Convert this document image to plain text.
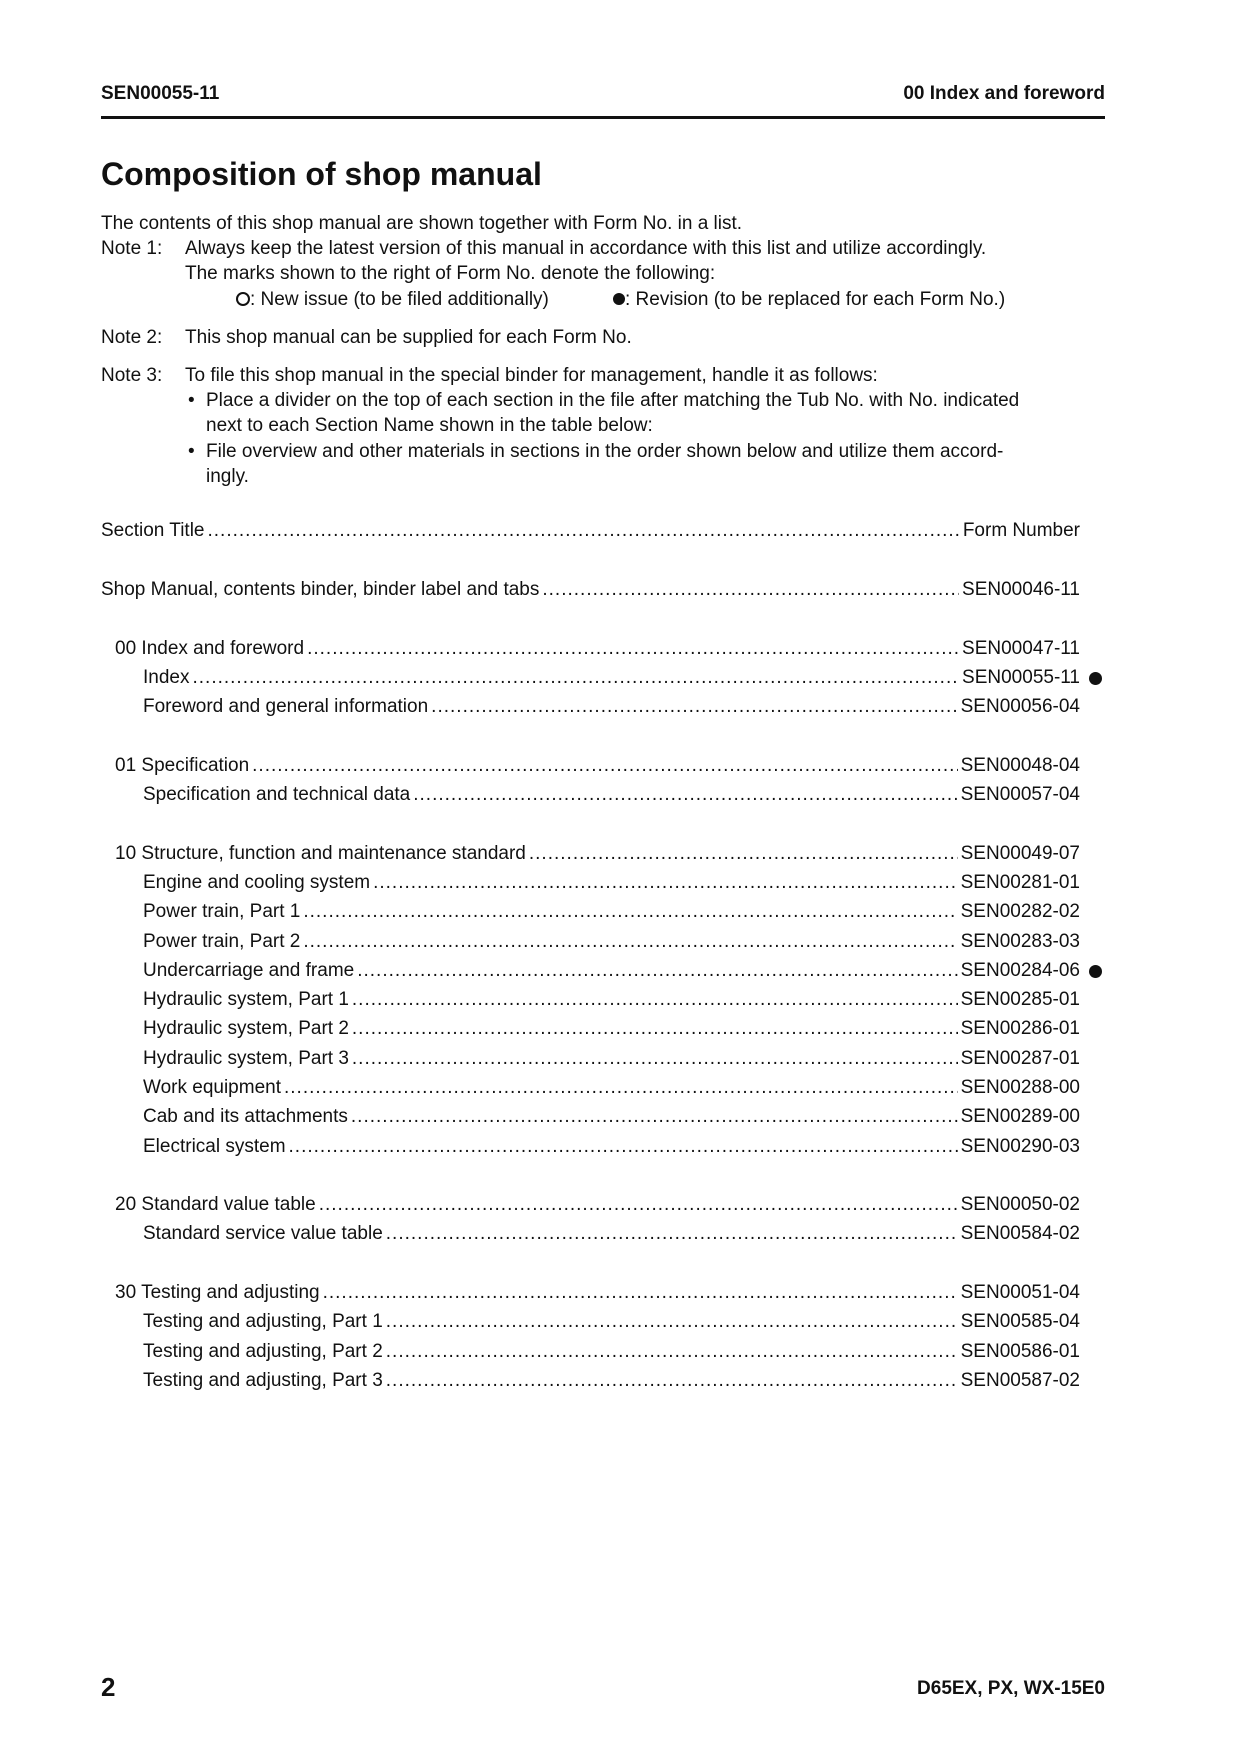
SEN00055-11	00 Index and foreword
Composition of shop manual
The contents of this shop manual are shown together with Form No. in a list.
Note 1: Always keep the latest version of this manual in accordance with this list and utilize accordingly.
The marks shown to the right of Form No. denote the following:
: New issue (to be filed additionally)	: Revision (to be replaced for each Form No.)
Note 2: This shop manual can be supplied for each Form No.
Note 3: To file this shop manual in the special binder for management, handle it as follows:
• Place a divider on the top of each section in the file after matching the Tub No. with No. indicated
next to each Section Name shown in the table below:
• File overview and other materials in sections in the order shown below and utilize them accord-
ingly.
Section Title .....	Form Number
Shop Manual, contents binder, binder label and tabs .....	SEN00046-11
00 Index and foreword .....	SEN00047-11
Index .....	SEN00055-11
Foreword and general information .....	SEN00056-04
01 Specification .....	SEN00048-04
Specification and technical data .....	SEN00057-04
10 Structure, function and maintenance standard .....	SEN00049-07
Engine and cooling system .....	SEN00281-01
Power train, Part 1 .....	SEN00282-02
Power train, Part 2 .....	SEN00283-03
Undercarriage and frame .....	SEN00284-06
Hydraulic system, Part 1 .....	SEN00285-01
Hydraulic system, Part 2 .....	SEN00286-01
Hydraulic system, Part 3 .....	SEN00287-01
Work equipment .....	SEN00288-00
Cab and its attachments .....	SEN00289-00
Electrical system .....	SEN00290-03
20 Standard value table .....	SEN00050-02
Standard service value table .....	SEN00584-02
30 Testing and adjusting .....	SEN00051-04
Testing and adjusting, Part 1 .....	SEN00585-04
Testing and adjusting, Part 2 .....	SEN00586-01
Testing and adjusting, Part 3 .....	SEN00587-02
2	D65EX, PX, WX-15E0
